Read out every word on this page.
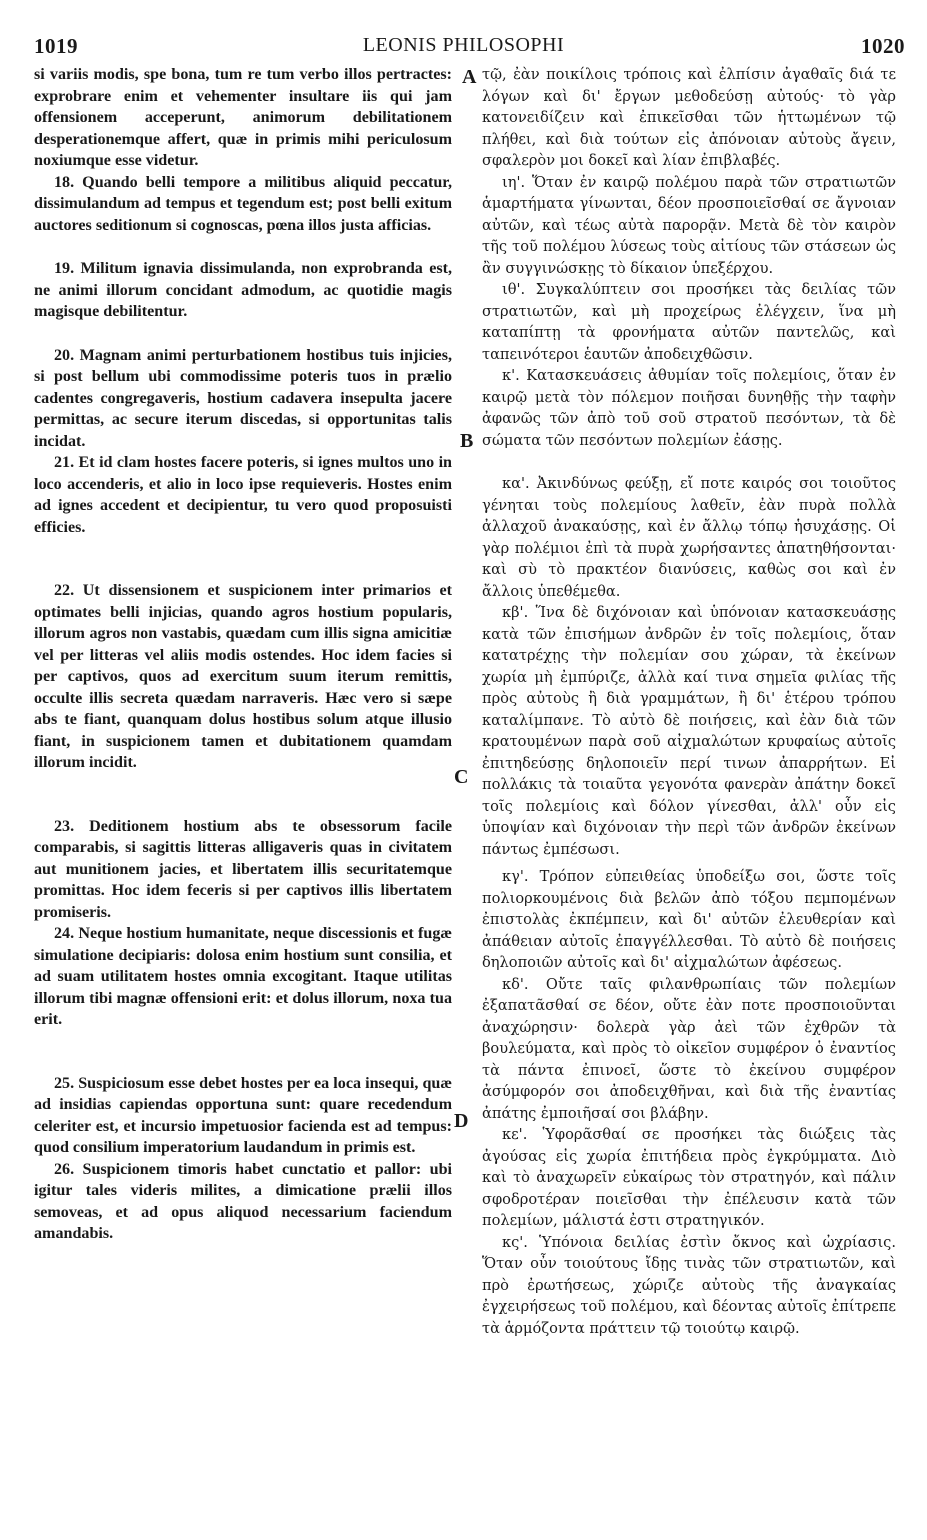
1019	LEONIS PHILOSOPHI	1020
A
B
C
D

si variis modis, spe bona, tum re tum verbo illos pertractes: exprobrare enim et vehementer insultare iis qui jam offensionem acceperunt, animorum debilitationem desperationemque affert, quæ in primis mihi periculosum noxiumque esse videtur.

18. Quando belli tempore a militibus aliquid peccatur, dissimulandum ad tempus et tegendum est; post belli exitum auctores seditionum si cognoscas, pœna illos justa afficias.

19. Militum ignavia dissimulanda, non exprobranda est, ne animi illorum concidant admodum, ac quotidie magis magisque debilitentur.

20. Magnam animi perturbationem hostibus tuis injicies, si post bellum ubi commodissime poteris tuos in prælio cadentes congregaveris, hostium cadavera insepulta jacere permittas, ac secure iterum discedas, si opportunitas talis incidat.

21. Et id clam hostes facere poteris, si ignes multos uno in loco accenderis, et alio in loco ipse requieveris. Hostes enim ad ignes accedent et decipientur, tu vero quod proposuisti efficies.

22. Ut dissensionem et suspicionem inter primarios et optimates belli injicias, quando agros hostium popularis, illorum agros non vastabis, quædam cum illis signa amicitiæ vel per litteras vel aliis modis ostendes. Hoc idem facies si per captivos, quos ad exercitum suum iterum remittis, occulte illis secreta quædam narraveris. Hæc vero si sæpe abs te fiant, quanquam dolus hostibus solum atque illusio fiant, in suspicionem tamen et dubitationem quamdam illorum incidit.

23. Deditionem hostium abs te obsessorum facile comparabis, si sagittis litteras alligaveris quas in civitatem aut munitionem jacies, et libertatem illis securitatemque promittas. Hoc idem feceris si per captivos illis libertatem promiseris.

24. Neque hostium humanitate, neque discessionis et fugæ simulatione decipiaris: dolosa enim hostium sunt consilia, et ad suam utilitatem hostes omnia excogitant. Itaque utilitas illorum tibi magnæ offensioni erit: et dolus illorum, noxa tua erit.

25. Suspiciosum esse debet hostes per ea loca insequi, quæ ad insidias capiendas opportuna sunt: quare recedendum celeriter est, et incursio impetuosior facienda est ad tempus: quod consilium imperatorium laudandum in primis est.

26. Suspicionem timoris habet cunctatio et pallor: ubi igitur tales videris milites, a dimicatione prælii illos semoveas, et ad opus aliquod necessarium faciendum amandabis.

τῷ, ἐὰν ποικίλοις τρόποις καὶ ἐλπίσιν ἀγαθαῖς διά τε λόγων καὶ δι' ἔργων μεθοδεύσῃ αὐτούς· τὸ γὰρ κατονειδίζειν καὶ ἐπικεῖσθαι τῶν ἡττωμένων τῷ πλήθει, καὶ διὰ τούτων εἰς ἀπόνοιαν αὐτοὺς ἄγειν, σφαλερὸν μοι δοκεῖ καὶ λίαν ἐπιβλαβές.

ιη'. Ὅταν ἐν καιρῷ πολέμου παρὰ τῶν στρατιωτῶν ἁμαρτήματα γίνωνται, δέον προσποιεῖσθαί σε ἄγνοιαν αὐτῶν, καὶ τέως αὐτὰ παρορᾷν. Μετὰ δὲ τὸν καιρὸν τῆς τοῦ πολέμου λύσεως τοὺς αἰτίους τῶν στάσεων ὡς ἂν συγγινώσκῃς τὸ δίκαιον ὑπεξέρχου.

ιθ'. Συγκαλύπτειν σοι προσήκει τὰς δειλίας τῶν στρατιωτῶν, καὶ μὴ προχείρως ἐλέγχειν, ἵνα μὴ καταπίπτῃ τὰ φρονήματα αὐτῶν παντελῶς, καὶ ταπεινότεροι ἑαυτῶν ἀποδειχθῶσιν.

κ'. Κατασκευάσεις ἀθυμίαν τοῖς πολεμίοις, ὅταν ἐν καιρῷ μετὰ τὸν πόλεμον ποιῆσαι δυνηθῇς τὴν ταφὴν ἀφανῶς τῶν ἀπὸ τοῦ σοῦ στρατοῦ πεσόντων, τὰ δὲ σώματα τῶν πεσόντων πολεμίων ἐάσῃς.

κα'. Ἀκινδύνως φεύξῃ, εἴ ποτε καιρός σοι τοιοῦτος γένηται τοὺς πολεμίους λαθεῖν, ἐὰν πυρὰ πολλὰ ἀλλαχοῦ ἀνακαύσῃς, καὶ ἐν ἄλλῳ τόπῳ ἡσυχάσῃς. Οἱ γὰρ πολέμιοι ἐπὶ τὰ πυρὰ χωρήσαντες ἀπατηθήσονται· καὶ σὺ τὸ πρακτέον διανύσεις, καθὼς σοι καὶ ἐν ἄλλοις ὑπεθέμεθα.

κβ'. Ἵνα δὲ διχόνοιαν καὶ ὑπόνοιαν κατασκευάσῃς κατὰ τῶν ἐπισήμων ἀνδρῶν ἐν τοῖς πολεμίοις, ὅταν κατατρέχῃς τὴν πολεμίαν σου χώραν, τὰ ἐκείνων χωρία μὴ ἐμπύριζε, ἀλλὰ καί τινα σημεῖα φιλίας τῆς πρὸς αὐτοὺς ἢ διὰ γραμμάτων, ἢ δι' ἑτέρου τρόπου καταλίμπανε. Τὸ αὐτὸ δὲ ποιήσεις, καὶ ἐὰν διὰ τῶν κρατουμένων παρὰ σοῦ αἰχμαλώτων κρυφαίως αὐτοῖς ἐπιτηδεύσῃς δηλοποιεῖν περί τινων ἀπαρρήτων. Εἰ πολλάκις τὰ τοιαῦτα γεγονότα φανερὰν ἀπάτην δοκεῖ τοῖς πολεμίοις καὶ δόλον γίνεσθαι, ἀλλ' οὖν εἰς ὑποψίαν καὶ διχόνοιαν τὴν περὶ τῶν ἀνδρῶν ἐκείνων πάντως ἐμπέσωσι.

κγ'. Τρόπον εὐπειθείας ὑποδείξω σοι, ὥστε τοῖς πολιορκουμένοις διὰ βελῶν ἀπὸ τόξου πεμπομένων ἐπιστολὰς ἐκπέμπειν, καὶ δι' αὐτῶν ἐλευθερίαν καὶ ἀπάθειαν αὐτοῖς ἐπαγγέλλεσθαι. Τὸ αὐτὸ δὲ ποιήσεις δηλοποιῶν αὐτοῖς καὶ δι' αἰχμαλώτων ἀφέσεως.

κδ'. Οὔτε ταῖς φιλανθρωπίαις τῶν πολεμίων ἐξαπατᾶσθαί σε δέον, οὔτε ἐὰν ποτε προσποιοῦνται ἀναχώρησιν· δολερὰ γὰρ ἀεὶ τῶν ἐχθρῶν τὰ βουλεύματα, καὶ πρὸς τὸ οἰκεῖον συμφέρον ὁ ἐναντίος τὰ πάντα ἐπινοεῖ, ὥστε τὸ ἐκείνου συμφέρον ἀσύμφορόν σοι ἀποδειχθῆναι, καὶ διὰ τῆς ἐναντίας ἀπάτης ἐμποιῆσαί σοι βλάβην.

κε'. Ὑφορᾶσθαί σε προσήκει τὰς διώξεις τὰς ἀγούσας εἰς χωρία ἐπιτήδεια πρὸς ἐγκρύμματα. Διὸ καὶ τὸ ἀναχωρεῖν εὐκαίρως τὸν στρατηγόν, καὶ πάλιν σφοδροτέραν ποιεῖσθαι τὴν ἐπέλευσιν κατὰ τῶν πολεμίων, μάλιστά ἐστι στρατηγικόν.

κς'. Ὑπόνοια δειλίας ἐστὶν ὄκνος καὶ ὠχρίασις. Ὅταν οὖν τοιούτους ἴδῃς τινὰς τῶν στρατιωτῶν, καὶ πρὸ ἐρωτήσεως, χώριζε αὐτοὺς τῆς ἀναγκαίας ἐγχειρήσεως τοῦ πολέμου, καὶ δέοντας αὐτοῖς ἐπίτρεπε τὰ ἁρμόζοντα πράττειν τῷ τοιούτῳ καιρῷ.
